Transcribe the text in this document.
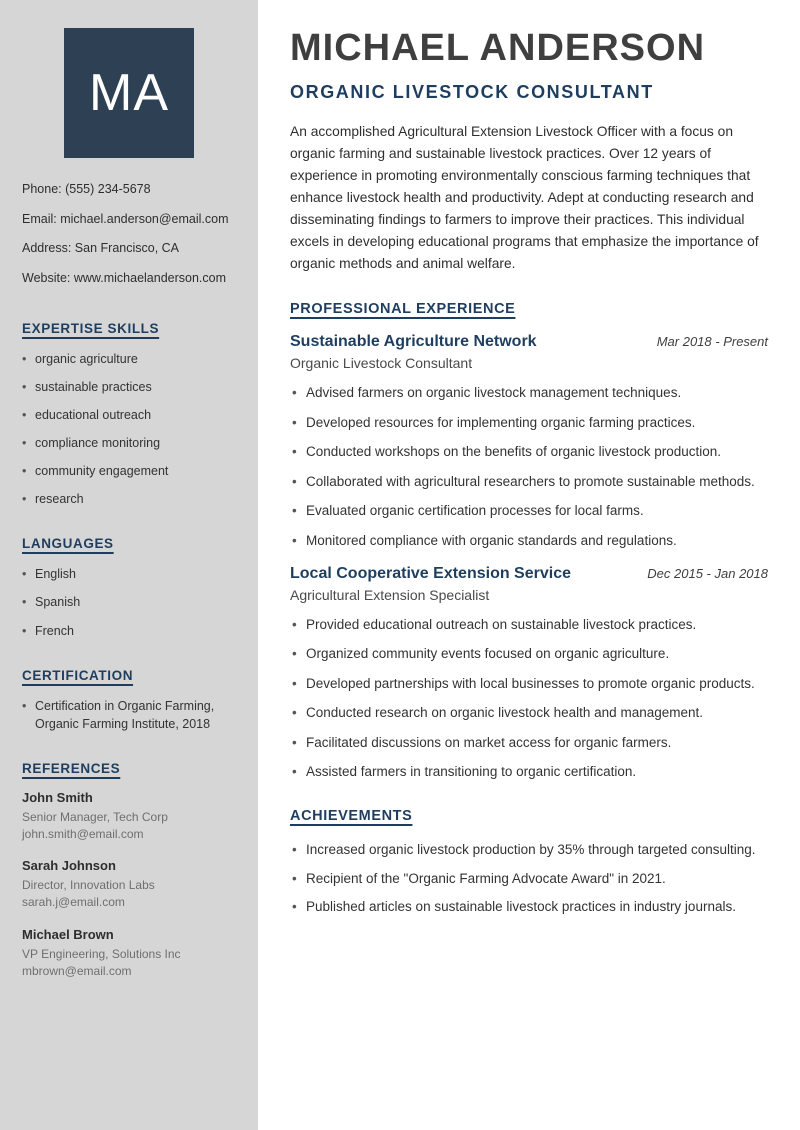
MA
Phone: (555) 234-5678
Email: michael.anderson@email.com
Address: San Francisco, CA
Website: www.michaelanderson.com
EXPERTISE SKILLS
• organic agriculture
• sustainable practices
• educational outreach
• compliance monitoring
• community engagement
• research
LANGUAGES
• English
• Spanish
• French
CERTIFICATION
• Certification in Organic Farming, Organic Farming Institute, 2018
REFERENCES
John Smith
Senior Manager, Tech Corp
john.smith@email.com
Sarah Johnson
Director, Innovation Labs
sarah.j@email.com
Michael Brown
VP Engineering, Solutions Inc
mbrown@email.com
MICHAEL ANDERSON
ORGANIC LIVESTOCK CONSULTANT

An accomplished Agricultural Extension Livestock Officer with a focus on organic farming and sustainable livestock practices. Over 12 years of experience in promoting environmentally conscious farming techniques that enhance livestock health and productivity. Adept at conducting research and disseminating findings to farmers to improve their practices. This individual excels in developing educational programs that emphasize the importance of organic methods and animal welfare.

PROFESSIONAL EXPERIENCE
Sustainable Agriculture Network	Mar 2018 - Present
Organic Livestock Consultant
• Advised farmers on organic livestock management techniques.
• Developed resources for implementing organic farming practices.
• Conducted workshops on the benefits of organic livestock production.
• Collaborated with agricultural researchers to promote sustainable methods.
• Evaluated organic certification processes for local farms.
• Monitored compliance with organic standards and regulations.
Local Cooperative Extension Service	Dec 2015 - Jan 2018
Agricultural Extension Specialist
• Provided educational outreach on sustainable livestock practices.
• Organized community events focused on organic agriculture.
• Developed partnerships with local businesses to promote organic products.
• Conducted research on organic livestock health and management.
• Facilitated discussions on market access for organic farmers.
• Assisted farmers in transitioning to organic certification.
ACHIEVEMENTS
• Increased organic livestock production by 35% through targeted consulting.
• Recipient of the "Organic Farming Advocate Award" in 2021.
• Published articles on sustainable livestock practices in industry journals.
